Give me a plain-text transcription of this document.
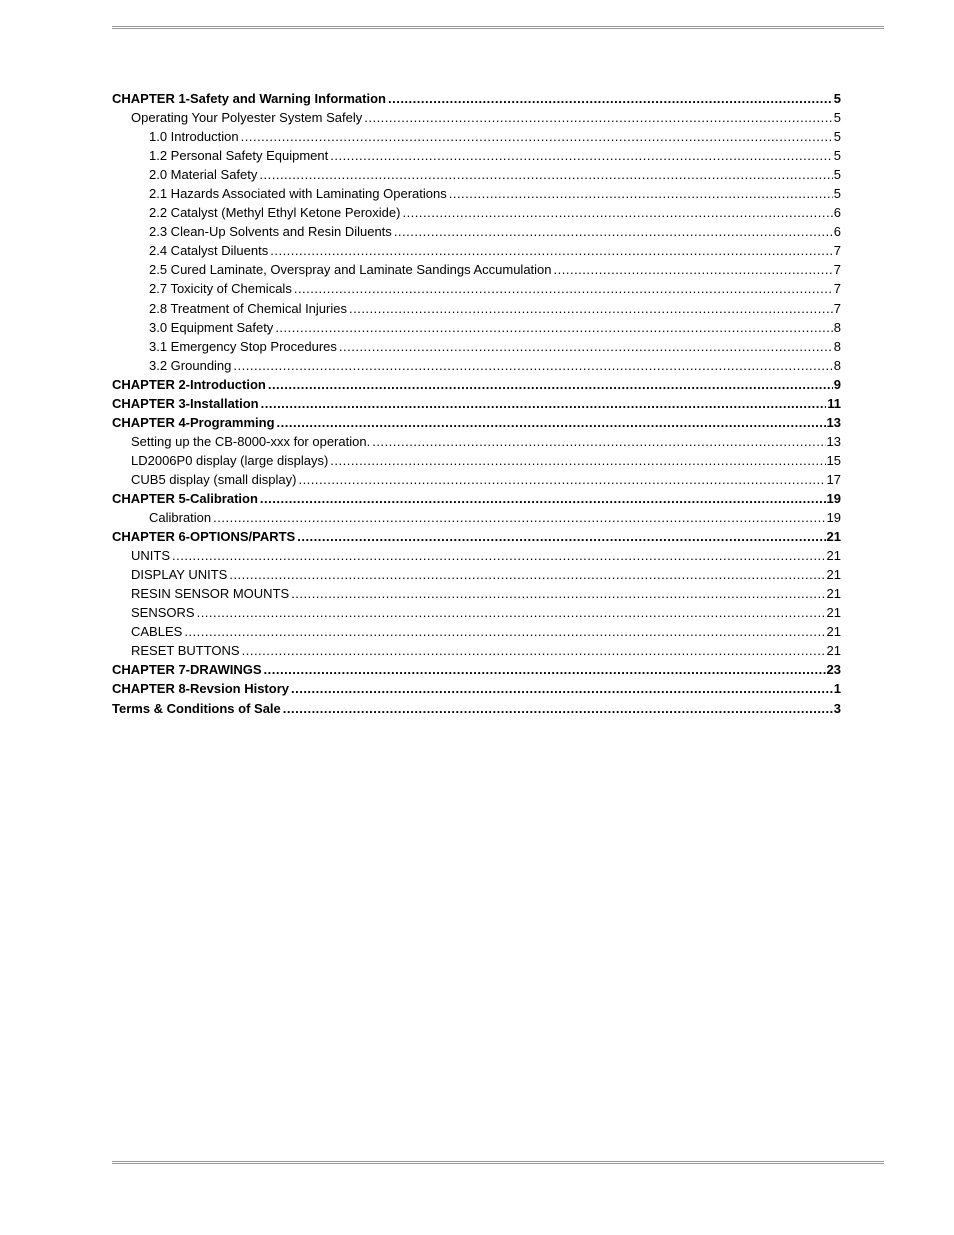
CHAPTER 1-Safety and Warning Information .....	5
Operating Your Polyester System Safely .....	5
1.0 Introduction .....	5
1.2 Personal Safety Equipment .....	5
2.0 Material Safety .....	5
2.1 Hazards Associated with Laminating Operations .....	5
2.2 Catalyst (Methyl Ethyl Ketone Peroxide) .....	6
2.3 Clean-Up Solvents and Resin Diluents .....	6
2.4 Catalyst Diluents .....	7
2.5 Cured Laminate, Overspray and Laminate Sandings Accumulation .....	7
2.7 Toxicity of Chemicals .....	7
2.8 Treatment of Chemical Injuries .....	7
3.0 Equipment Safety .....	8
3.1 Emergency Stop Procedures .....	8
3.2 Grounding .....	8
CHAPTER 2-Introduction .....	9
CHAPTER 3-Installation .....	11
CHAPTER 4-Programming .....	13
Setting up the CB-8000-xxx for operation. .....	13
LD2006P0 display (large displays) .....	15
CUB5 display (small display) .....	17
CHAPTER 5-Calibration .....	19
Calibration .....	19
CHAPTER 6-OPTIONS/PARTS .....	21
UNITS .....	21
DISPLAY UNITS .....	21
RESIN SENSOR MOUNTS .....	21
SENSORS .....	21
CABLES .....	21
RESET BUTTONS .....	21
CHAPTER 7-DRAWINGS .....	23
CHAPTER 8-Revsion History .....	1
Terms & Conditions of Sale .....	3
